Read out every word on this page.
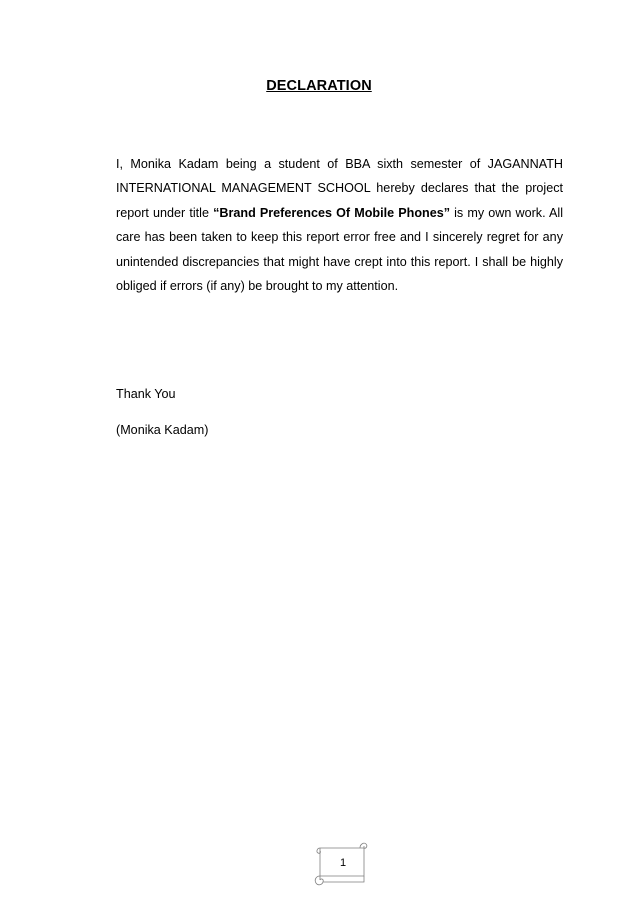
DECLARATION
I, Monika Kadam being a student of BBA sixth semester of JAGANNATH INTERNATIONAL MANAGEMENT SCHOOL hereby declares that the project report under title “Brand Preferences Of Mobile Phones” is my own work. All care has been taken to keep this report error free and I sincerely regret for any unintended discrepancies that might have crept into this report. I shall be highly obliged if errors (if any) be brought to my attention.
Thank You
(Monika Kadam)
1
